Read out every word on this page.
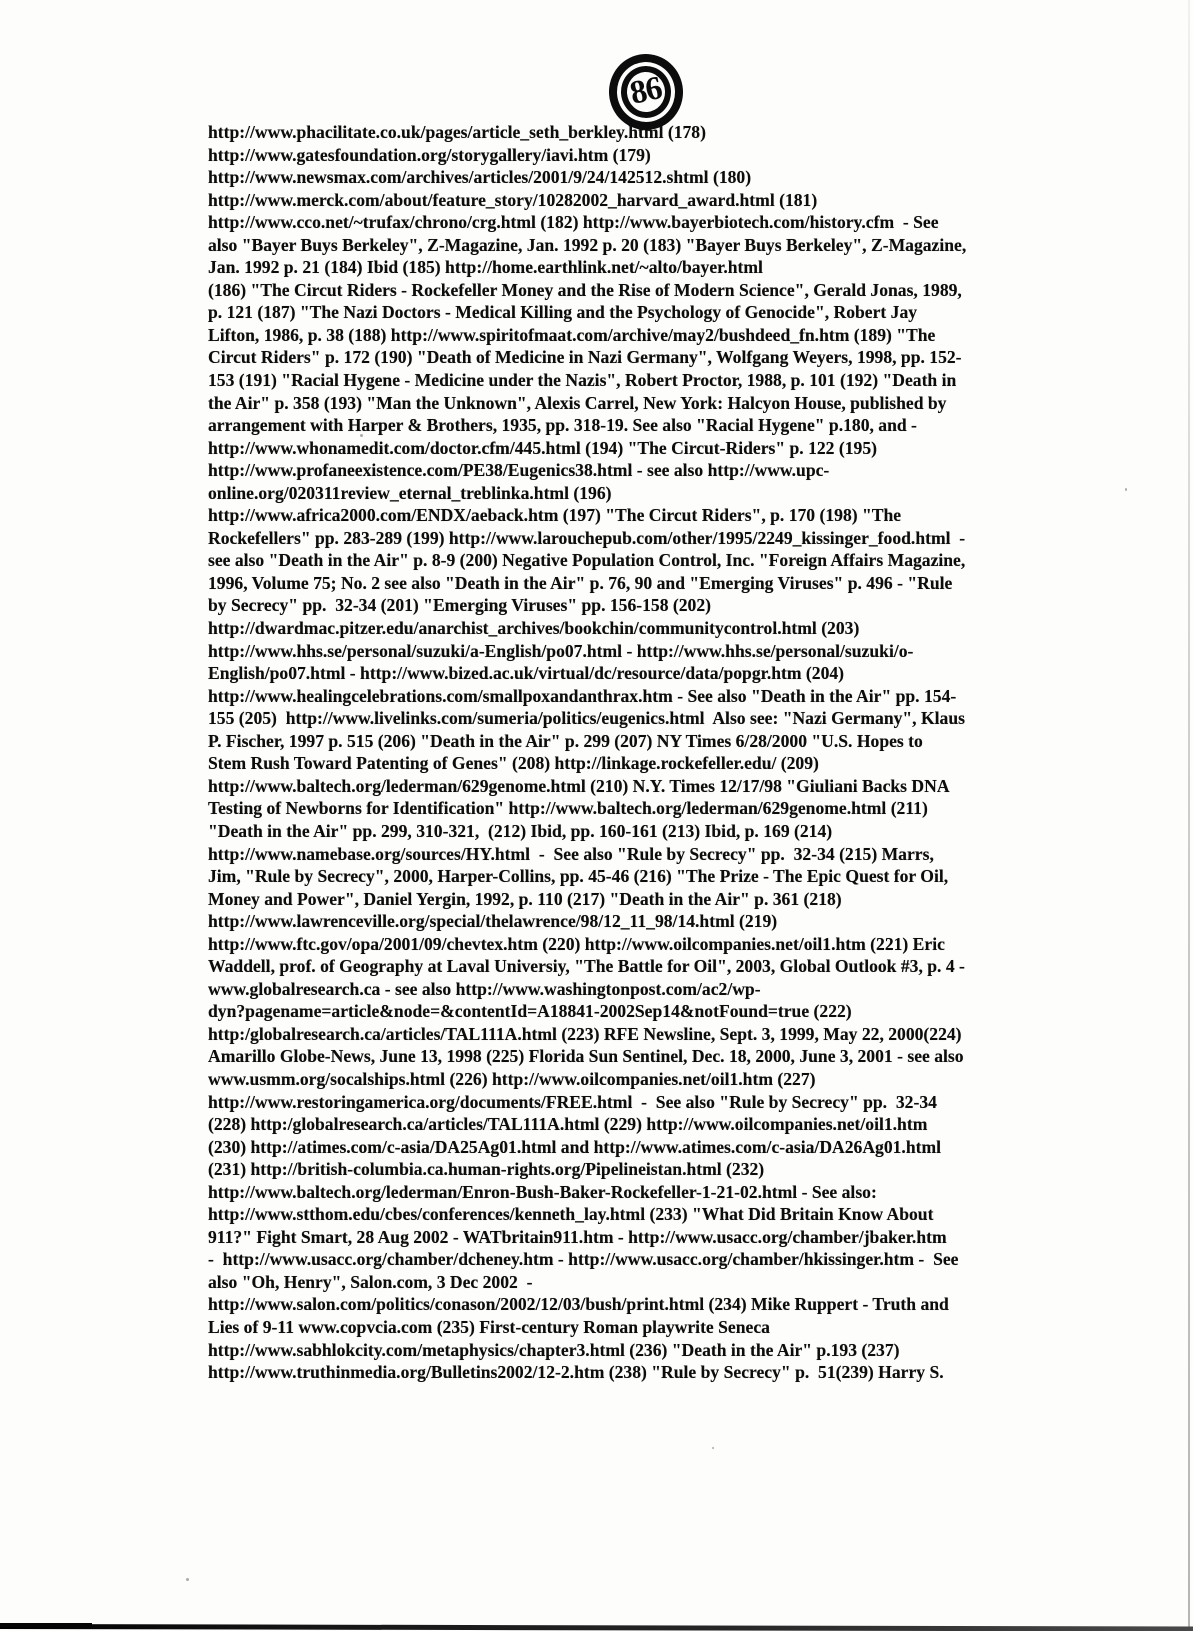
86
http://www.phacilitate.co.uk/pages/article_seth_berkley.html (178)
http://www.gatesfoundation.org/storygallery/iavi.htm (179)
http://www.newsmax.com/archives/articles/2001/9/24/142512.shtml (180)
http://www.merck.com/about/feature_story/10282002_harvard_award.html (181)
http://www.cco.net/~trufax/chrono/crg.html (182) http://www.bayerbiotech.com/history.cfm  - See
also "Bayer Buys Berkeley", Z-Magazine, Jan. 1992 p. 20 (183) "Bayer Buys Berkeley", Z-Magazine,
Jan. 1992 p. 21 (184) Ibid (185) http://home.earthlink.net/~alto/bayer.html
(186) "The Circut Riders - Rockefeller Money and the Rise of Modern Science", Gerald Jonas, 1989,
p. 121 (187) "The Nazi Doctors - Medical Killing and the Psychology of Genocide", Robert Jay
Lifton, 1986, p. 38 (188) http://www.spiritofmaat.com/archive/may2/bushdeed_fn.htm (189) "The
Circut Riders" p. 172 (190) "Death of Medicine in Nazi Germany", Wolfgang Weyers, 1998, pp. 152-
153 (191) "Racial Hygene - Medicine under the Nazis", Robert Proctor, 1988, p. 101 (192) "Death in
the Air" p. 358 (193) "Man the Unknown", Alexis Carrel, New York: Halcyon House, published by
arrangement with Harper & Brothers, 1935, pp. 318-19. See also "Racial Hygene" p.180, and -
http://www.whonamedit.com/doctor.cfm/445.html (194) "The Circut-Riders" p. 122 (195)
http://www.profaneexistence.com/PE38/Eugenics38.html - see also http://www.upc-
online.org/020311review_eternal_treblinka.html (196)
http://www.africa2000.com/ENDX/aeback.htm (197) "The Circut Riders", p. 170 (198) "The
Rockefellers" pp. 283-289 (199) http://www.larouchepub.com/other/1995/2249_kissinger_food.html  -
see also "Death in the Air" p. 8-9 (200) Negative Population Control, Inc. "Foreign Affairs Magazine,
1996, Volume 75; No. 2 see also "Death in the Air" p. 76, 90 and "Emerging Viruses" p. 496 - "Rule
by Secrecy" pp.  32-34 (201) "Emerging Viruses" pp. 156-158 (202)
http://dwardmac.pitzer.edu/anarchist_archives/bookchin/communitycontrol.html (203)
http://www.hhs.se/personal/suzuki/a-English/po07.html - http://www.hhs.se/personal/suzuki/o-
English/po07.html - http://www.bized.ac.uk/virtual/dc/resource/data/popgr.htm (204)
http://www.healingcelebrations.com/smallpoxandanthrax.htm - See also "Death in the Air" pp. 154-
155 (205)  http://www.livelinks.com/sumeria/politics/eugenics.html  Also see: "Nazi Germany", Klaus
P. Fischer, 1997 p. 515 (206) "Death in the Air" p. 299 (207) NY Times 6/28/2000 "U.S. Hopes to
Stem Rush Toward Patenting of Genes" (208) http://linkage.rockefeller.edu/ (209)
http://www.baltech.org/lederman/629genome.html (210) N.Y. Times 12/17/98 "Giuliani Backs DNA
Testing of Newborns for Identification" http://www.baltech.org/lederman/629genome.html (211)
"Death in the Air" pp. 299, 310-321,  (212) Ibid, pp. 160-161 (213) Ibid, p. 169 (214)
http://www.namebase.org/sources/HY.html  -  See also "Rule by Secrecy" pp.  32-34 (215) Marrs,
Jim, "Rule by Secrecy", 2000, Harper-Collins, pp. 45-46 (216) "The Prize - The Epic Quest for Oil,
Money and Power", Daniel Yergin, 1992, p. 110 (217) "Death in the Air" p. 361 (218)
http://www.lawrenceville.org/special/thelawrence/98/12_11_98/14.html (219)
http://www.ftc.gov/opa/2001/09/chevtex.htm (220) http://www.oilcompanies.net/oil1.htm (221) Eric
Waddell, prof. of Geography at Laval Universiy, "The Battle for Oil", 2003, Global Outlook #3, p. 4 -
www.globalresearch.ca - see also http://www.washingtonpost.com/ac2/wp-
dyn?pagename=article&node=&contentId=A18841-2002Sep14&notFound=true (222)
http:/globalresearch.ca/articles/TAL111A.html (223) RFE Newsline, Sept. 3, 1999, May 22, 2000(224)
Amarillo Globe-News, June 13, 1998 (225) Florida Sun Sentinel, Dec. 18, 2000, June 3, 2001 - see also
www.usmm.org/socalships.html (226) http://www.oilcompanies.net/oil1.htm (227)
http://www.restoringamerica.org/documents/FREE.html  -  See also "Rule by Secrecy" pp.  32-34
(228) http:/globalresearch.ca/articles/TAL111A.html (229) http://www.oilcompanies.net/oil1.htm
(230) http://atimes.com/c-asia/DA25Ag01.html and http://www.atimes.com/c-asia/DA26Ag01.html
(231) http://british-columbia.ca.human-rights.org/Pipelineistan.html (232)
http://www.baltech.org/lederman/Enron-Bush-Baker-Rockefeller-1-21-02.html - See also:
http://www.stthom.edu/cbes/conferences/kenneth_lay.html (233) "What Did Britain Know About
911?" Fight Smart, 28 Aug 2002 - WATbritain911.htm - http://www.usacc.org/chamber/jbaker.htm
-  http://www.usacc.org/chamber/dcheney.htm - http://www.usacc.org/chamber/hkissinger.htm -  See
also "Oh, Henry", Salon.com, 3 Dec 2002  -
http://www.salon.com/politics/conason/2002/12/03/bush/print.html (234) Mike Ruppert - Truth and
Lies of 9-11 www.copvcia.com (235) First-century Roman playwrite Seneca
http://www.sabhlokcity.com/metaphysics/chapter3.html (236) "Death in the Air" p.193 (237)
http://www.truthinmedia.org/Bulletins2002/12-2.htm (238) "Rule by Secrecy" p.  51(239) Harry S.
